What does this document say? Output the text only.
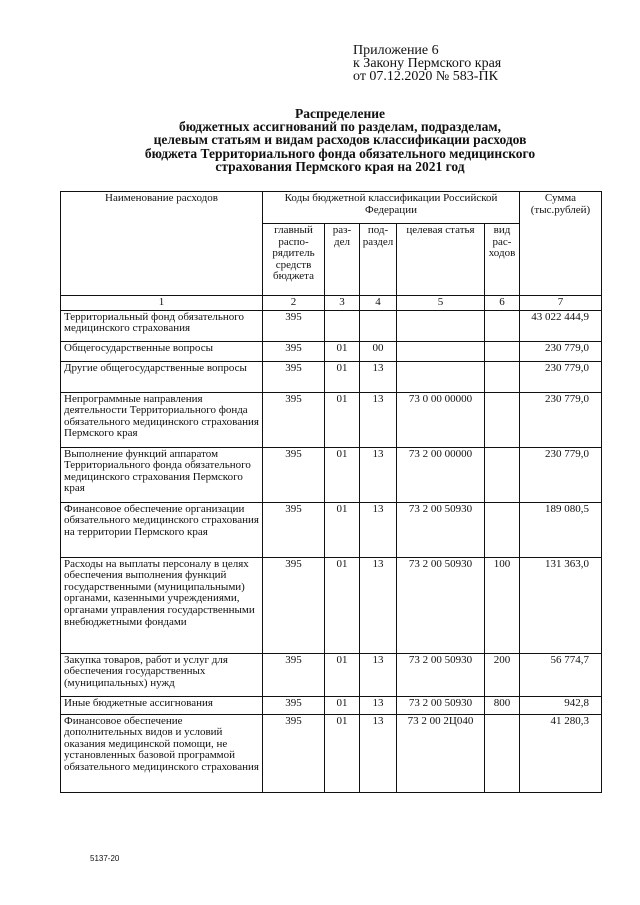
Приложение 6
к Закону Пермского края
от 07.12.2020 № 583-ПК
Распределение
бюджетных ассигнований по разделам, подразделам,
целевым статьям и видам расходов классификации расходов
бюджета Территориального фонда обязательного медицинского
страхования Пермского края на 2021 год
Наименование расходов	Коды бюджетной классификации Российской Федерации					Сумма (тыс.рублей)
	главный распо- рядитель средств бюджета	раз- дел	под- раздел	целевая статья	вид рас- ходов	
1	2	3	4	5	6	7
Территориальный фонд обязательного медицинского страхования	395					43 022 444,9
Общегосударственные вопросы	395	01	00			230 779,0
Другие общегосударственные вопросы	395	01	13			230 779,0
Непрограммные направления деятельности Территориального фонда обязательного медицинского страхования Пермского края	395	01	13	73 0 00 00000		230 779,0
Выполнение функций аппаратом Территориального фонда обязательного медицинского страхования Пермского края	395	01	13	73 2 00 00000		230 779,0
Финансовое обеспечение организации обязательного медицинского страхования на территории Пермского края	395	01	13	73 2 00 50930		189 080,5
Расходы на выплаты персоналу в целях обеспечения выполнения функций государственными (муниципальными) органами, казенными учреждениями, органами управления государственными внебюджетными фондами	395	01	13	73 2 00 50930	100	131 363,0
Закупка товаров, работ и услуг для обеспечения государственных (муниципальных) нужд	395	01	13	73 2 00 50930	200	56 774,7
Иные бюджетные ассигнования	395	01	13	73 2 00 50930	800	942,8
Финансовое обеспечение дополнительных видов и условий оказания медицинской помощи, не установленных базовой программой обязательного медицинского страхования	395	01	13	73 2 00 2Ц040		41 280,3
5137-20
